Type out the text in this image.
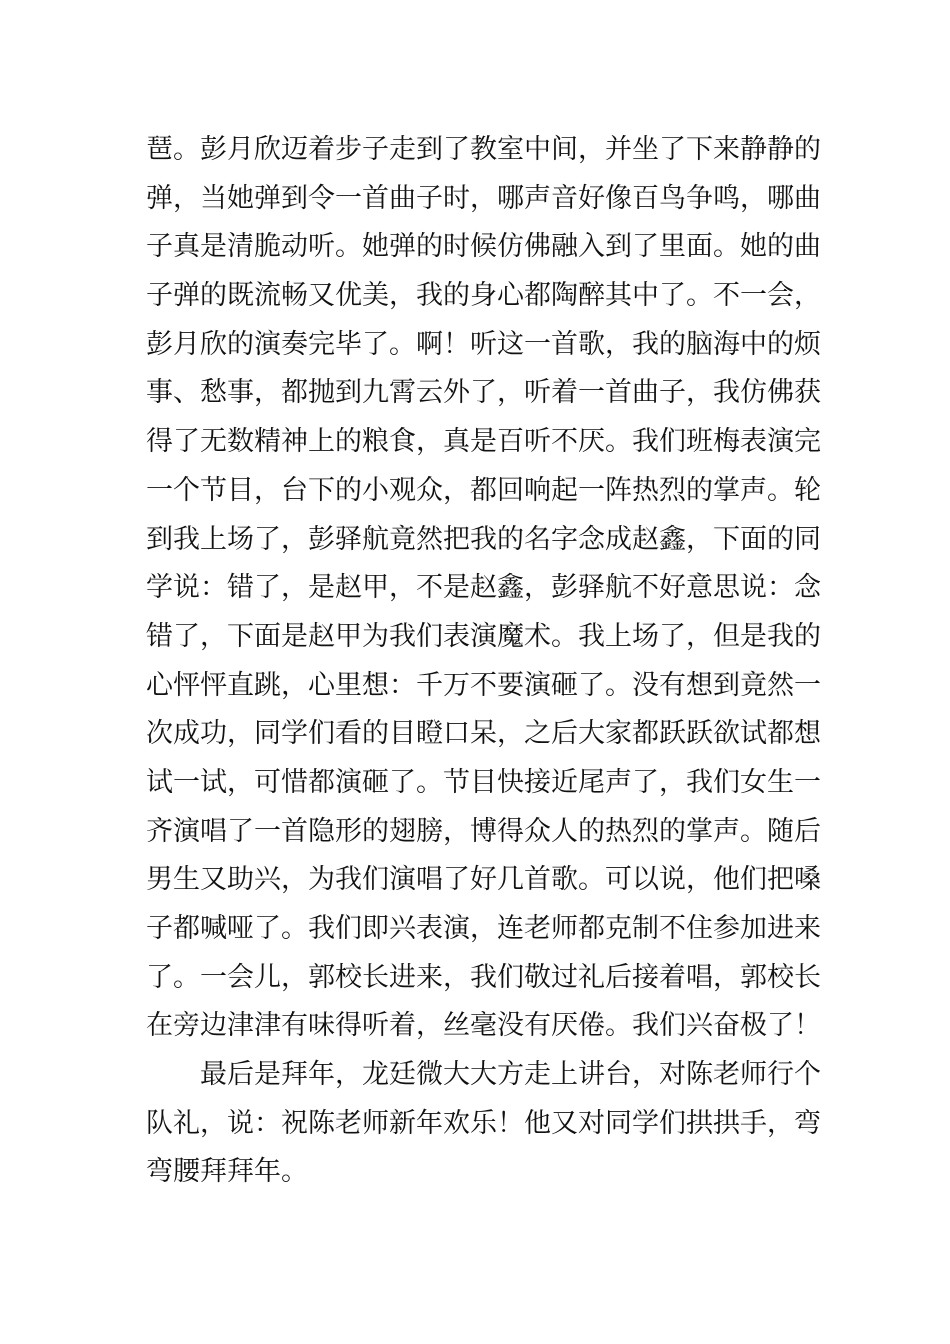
琶。彭月欣迈着步子走到了教室中间，并坐了下来静静的
弹，当她弹到令一首曲子时，哪声音好像百鸟争鸣，哪曲
子真是清脆动听。她弹的时候仿佛融入到了里面。她的曲
子弹的既流畅又优美，我的身心都陶醉其中了。不一会，
彭月欣的演奏完毕了。啊！听这一首歌，我的脑海中的烦
事、愁事，都抛到九霄云外了，听着一首曲子，我仿佛获
得了无数精神上的粮食，真是百听不厌。我们班梅表演完
一个节目，台下的小观众，都回响起一阵热烈的掌声。轮
到我上场了，彭驿航竟然把我的名字念成赵鑫，下面的同
学说：错了，是赵甲，不是赵鑫，彭驿航不好意思说：念
错了，下面是赵甲为我们表演魔术。我上场了，但是我的
心怦怦直跳，心里想：千万不要演砸了。没有想到竟然一
次成功，同学们看的目瞪口呆，之后大家都跃跃欲试都想
试一试，可惜都演砸了。节目快接近尾声了，我们女生一
齐演唱了一首隐形的翅膀，博得众人的热烈的掌声。随后
男生又助兴，为我们演唱了好几首歌。可以说，他们把嗓
子都喊哑了。我们即兴表演，连老师都克制不住参加进来
了。一会儿，郭校长进来，我们敬过礼后接着唱，郭校长
在旁边津津有味得听着，丝毫没有厌倦。我们兴奋极了！
最后是拜年，龙廷微大大方走上讲台，对陈老师行个
队礼，说：祝陈老师新年欢乐！他又对同学们拱拱手，弯
弯腰拜拜年。
